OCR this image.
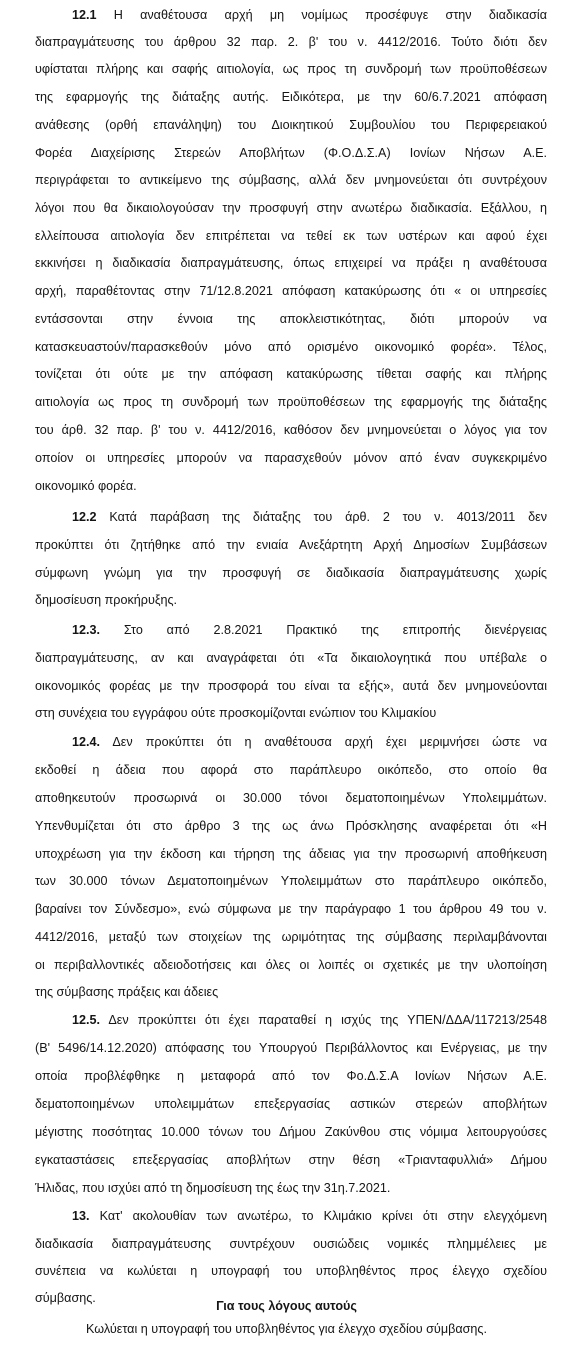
12.1 Η αναθέτουσα αρχή μη νομίμως προσέφυγε στην διαδικασία
διαπραγμάτευσης του άρθρου 32 παρ. 2. β' του ν. 4412/2016. Τούτο διότι δεν
υφίσταται πλήρης και σαφής αιτιολογία, ως προς τη συνδρομή των προϋποθέσεων
της εφαρμογής της διάταξης αυτής. Ειδικότερα, με την 60/6.7.2021 απόφαση
ανάθεσης (ορθή επανάληψη) του Διοικητικού Συμβουλίου του Περιφερειακού
Φορέα Διαχείρισης Στερεών Αποβλήτων (Φ.Ο.Δ.Σ.Α) Ιονίων Νήσων Α.Ε.
περιγράφεται το αντικείμενο της σύμβασης, αλλά δεν μνημονεύεται ότι συντρέχουν
λόγοι που θα δικαιολογούσαν την προσφυγή στην ανωτέρω διαδικασία. Εξάλλου, η
ελλείπουσα αιτιολογία δεν επιτρέπεται να τεθεί εκ των υστέρων και αφού έχει
εκκινήσει η διαδικασία διαπραγμάτευσης, όπως επιχειρεί να πράξει η αναθέτουσα
αρχή, παραθέτοντας στην 71/12.8.2021 απόφαση κατακύρωσης ότι « οι υπηρεσίες
εντάσσονται στην έννοια της αποκλειστικότητας, διότι μπορούν να
κατασκευαστούν/παρασκεθούν μόνο από ορισμένο οικονομικό φορέα». Τέλος,
τονίζεται ότι ούτε με την απόφαση κατακύρωσης τίθεται σαφής και πλήρης
αιτιολογία ως προς τη συνδρομή των προϋποθέσεων της εφαρμογής της διάταξης
του άρθ. 32 παρ. β' του ν. 4412/2016, καθόσον δεν μνημονεύεται ο λόγος για τον
οποίον οι υπηρεσίες μπορούν να παρασχεθούν μόνον από έναν συγκεκριμένο
οικονομικό φορέα.
12.2 Κατά παράβαση της διάταξης του άρθ. 2 του ν. 4013/2011 δεν
προκύπτει ότι ζητήθηκε από την ενιαία Ανεξάρτητη Αρχή Δημοσίων Συμβάσεων
σύμφωνη γνώμη για την προσφυγή σε διαδικασία διαπραγμάτευσης χωρίς
δημοσίευση προκήρυξης.
12.3. Στο από 2.8.2021 Πρακτικό της επιτροπής διενέργειας
διαπραγμάτευσης, αν και αναγράφεται ότι «Τα δικαιολογητικά που υπέβαλε ο
οικονομικός φορέας με την προσφορά του είναι τα εξής», αυτά δεν μνημονεύονται
στη συνέχεια του εγγράφου ούτε προσκομίζονται ενώπιον του Κλιμακίου
12.4. Δεν προκύπτει ότι η αναθέτουσα αρχή έχει μεριμνήσει ώστε να
εκδοθεί η άδεια που αφορά στο παράπλευρο οικόπεδο, στο οποίο θα
αποθηκευτούν προσωρινά οι 30.000 τόνοι δεματοποιημένων Υπολειμμάτων.
Υπενθυμίζεται ότι στο άρθρο 3 της ως άνω Πρόσκλησης αναφέρεται ότι «Η
υποχρέωση για την έκδοση και τήρηση της άδειας για την προσωρινή αποθήκευση
των 30.000 τόνων Δεματοποιημένων Υπολειμμάτων στο παράπλευρο οικόπεδο,
βαραίνει τον Σύνδεσμο», ενώ σύμφωνα με την παράγραφο 1 του άρθρου 49 του ν.
4412/2016, μεταξύ των στοιχείων της ωριμότητας της σύμβασης περιλαμβάνονται
οι περιβαλλοντικές αδειοδοτήσεις και όλες οι λοιπές οι σχετικές με την υλοποίηση
της σύμβασης πράξεις και άδειες
12.5. Δεν προκύπτει ότι έχει παραταθεί η ισχύς της ΥΠΕΝ/ΔΔΑ/117213/2548
(Β' 5496/14.12.2020) απόφασης του Υπουργού Περιβάλλοντος και Ενέργειας, με την
οποία προβλέφθηκε η μεταφορά από τον Φο.Δ.Σ.Α Ιονίων Νήσων Α.Ε.
δεματοποιημένων υπολειμμάτων επεξεργασίας αστικών στερεών αποβλήτων
μέγιστης ποσότητας 10.000 τόνων του Δήμου Ζακύνθου στις νόμιμα λειτουργούσες
εγκαταστάσεις επεξεργασίας αποβλήτων στην θέση «Τριανταφυλλιά» Δήμου
Ήλιδας, που ισχύει από τη δημοσίευση της έως την 31η.7.2021.
13. Κατ' ακολουθίαν των ανωτέρω, το Κλιμάκιο κρίνει ότι στην ελεγχόμενη
διαδικασία διαπραγμάτευσης συντρέχουν ουσιώδεις νομικές πλημμέλειες με
συνέπεια να κωλύεται η υπογραφή του υποβληθέντος προς έλεγχο σχεδίου
σύμβασης.
Για τους λόγους αυτούς
Κωλύεται η υπογραφή του υποβληθέντος για έλεγχο σχεδίου σύμβασης.
